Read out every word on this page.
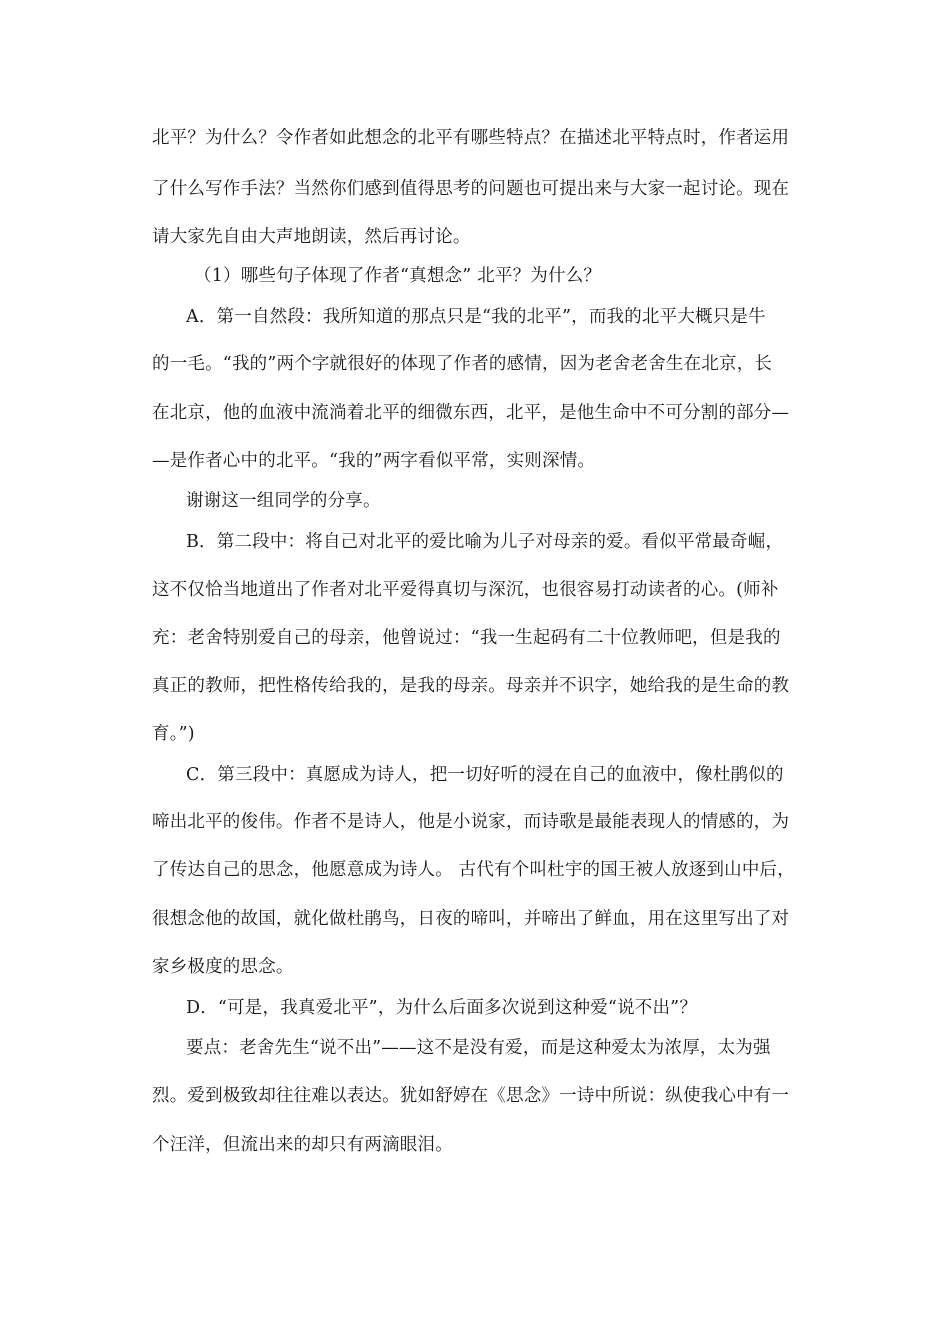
北平？为什么？令作者如此想念的北平有哪些特点？在描述北平特点时，作者运用
了什么写作手法？当然你们感到值得思考的问题也可提出来与大家一起讨论。现在
请大家先自由大声地朗读，然后再讨论。
（1）哪些句子体现了作者“真想念” 北平？为什么？
A．第一自然段：我所知道的那点只是“我的北平”，而我的北平大概只是牛
的一毛。“我的”两个字就很好的体现了作者的感情，因为老舍老舍生在北京，长
在北京，他的血液中流淌着北平的细微东西，北平，是他生命中不可分割的部分—
—是作者心中的北平。“我的”两字看似平常，实则深情。
谢谢这一组同学的分享。
B．第二段中：将自己对北平的爱比喻为儿子对母亲的爱。看似平常最奇崛，
这不仅恰当地道出了作者对北平爱得真切与深沉，也很容易打动读者的心。(师补
充：老舍特别爱自己的母亲，他曾说过：“我一生起码有二十位教师吧，但是我的
真正的教师，把性格传给我的，是我的母亲。母亲并不识字，她给我的是生命的教
育。”)
C．第三段中：真愿成为诗人，把一切好听的浸在自己的血液中，像杜鹃似的
啼出北平的俊伟。作者不是诗人，他是小说家，而诗歌是最能表现人的情感的，为
了传达自己的思念，他愿意成为诗人。 古代有个叫杜宇的国王被人放逐到山中后，
很想念他的故国，就化做杜鹃鸟，日夜的啼叫，并啼出了鲜血，用在这里写出了对
家乡极度的思念。
D．“可是，我真爱北平”，为什么后面多次说到这种爱“说不出”？
要点：老舍先生“说不出”——这不是没有爱，而是这种爱太为浓厚，太为强
烈。爱到极致却往往难以表达。犹如舒婷在《思念》一诗中所说：纵使我心中有一
个汪洋，但流出来的却只有两滴眼泪。
